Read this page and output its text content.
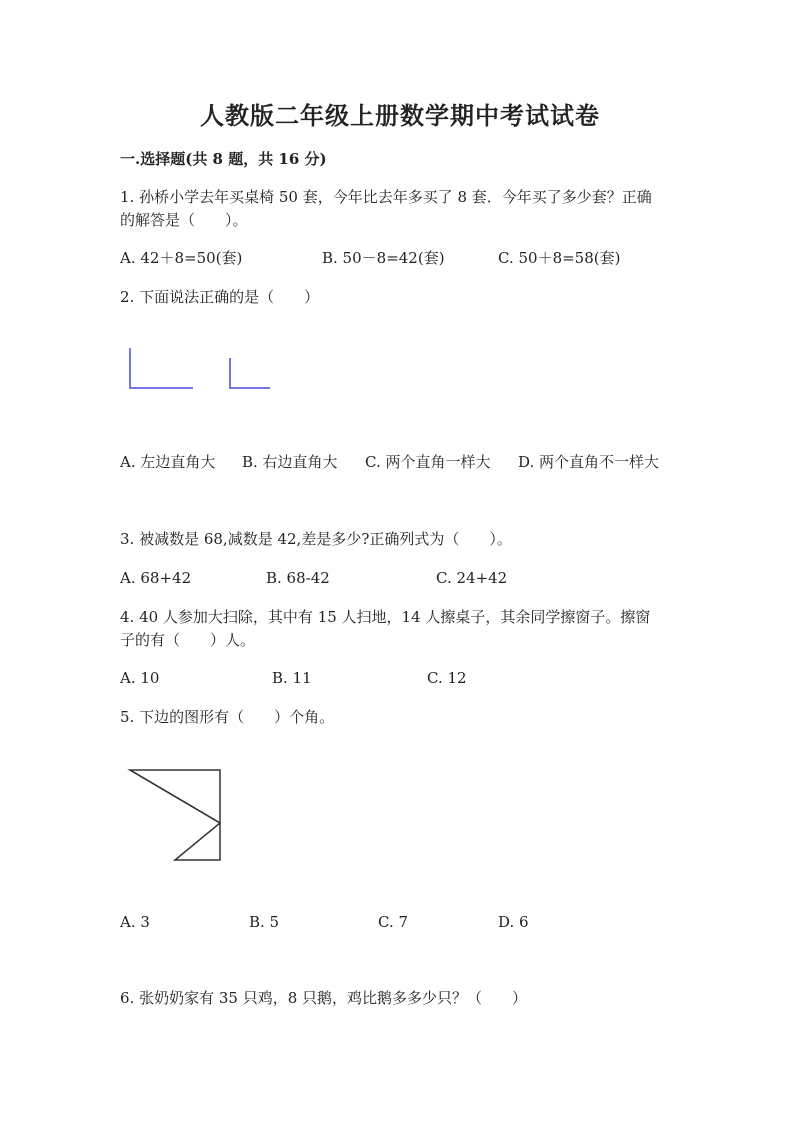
人教版二年级上册数学期中考试试卷
一.选择题(共 8 题，共 16 分)
1. 孙桥小学去年买桌椅 50 套，今年比去年多买了 8 套．今年买了多少套？正确的解答是（　　）。
A. 42＋8=50(套)	B. 50－8=42(套)	C. 50＋8=58(套)
2. 下面说法正确的是（　　）
A. 左边直角大 B. 右边直角大 C. 两个直角一样大 D. 两个直角不一样大
3. 被减数是 68,减数是 42,差是多少?正确列式为（　　）。
A. 68+42	B. 68-42	C. 24+42
4. 40 人参加大扫除，其中有 15 人扫地，14 人擦桌子，其余同学擦窗子。擦窗子的有（　　）人。
A. 10	B. 11	C. 12
5. 下边的图形有（　　）个角。
A. 3	B. 5	C. 7	D. 6
6. 张奶奶家有 35 只鸡，8 只鹅，鸡比鹅多多少只？（　　）
